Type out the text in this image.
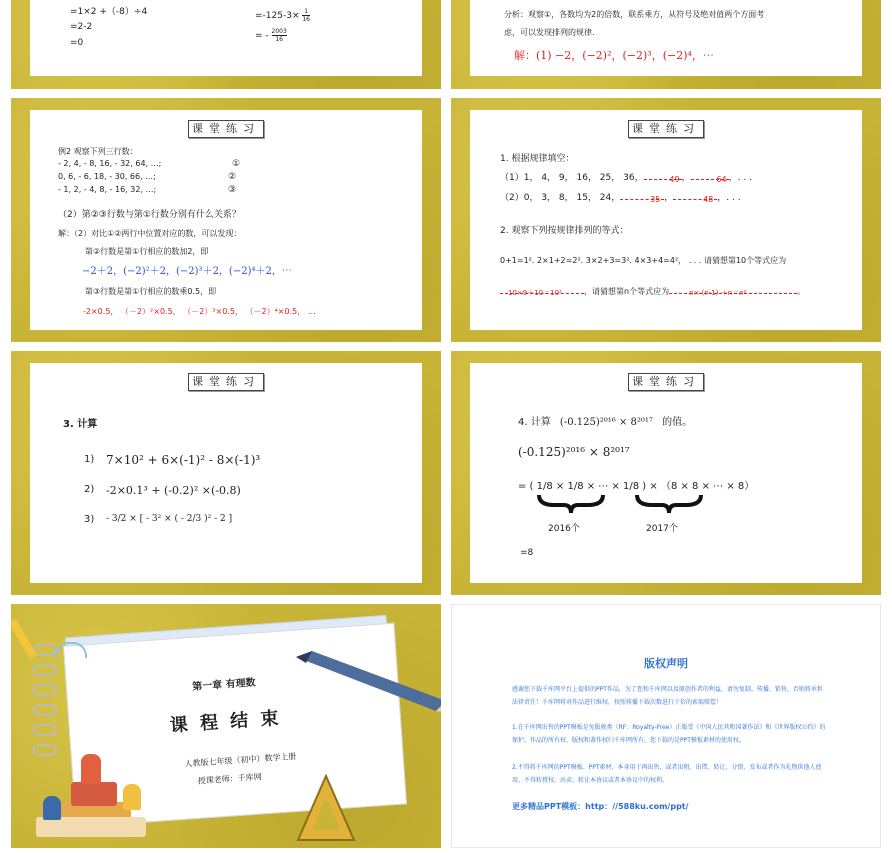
=1×2 +（-8）÷4
=2-2
=0
$=-125-3\times \frac{1}{16}$
= - $\frac{2003}{16}$
分析：观察①，各数均为2的倍数，联系乘方，从符号及绝对值两个方面考
虑，可以发现排列的规律.
解：(1) −2，(−2)²，(−2)³，(−2)⁴，⋯
课堂练习
例2 观察下列三行数：
- 2, 4, - 8, 16, - 32, 64, …;	①
0, 6, - 6, 18, - 30, 66, …;	②
- 1, 2, - 4, 8, - 16, 32, …;	③
（2）第②③行数与第①行数分别有什么关系？
解：（2）对比①②两行中位置对应的数，可以发现：
第②行数是第①行相应的数加2，即
−2＋2，(−2)²＋2，(−2)³＋2，(−2)⁴＋2，⋯
第③行数是第①行相应的数乘0.5，即
-2×0.5， （－2）²×0.5， （－2）³×0.5， （－2）⁴×0.5， …
课堂练习
1. 根据规律填空：
（1）1， 4， 9， 16， 25， 36，	49 ，	64 ，. . .
（2）0， 3， 8， 15， 24，	35 ，	48 ，. . .
2. 观察下列按规律排列的等式：
0+1=1². 2×1+2=2². 3×2+3=3². 4×3+4=4²， . . . 请猜想第10个等式应为
10×9＋10＝10²	，请猜想第n个等式应为	n× (n-1) ＋n＝n²	。
课堂练习
3. 计算
1) 7×10² + 6×(-1)² - 8×(-1)³
2) -2×0.1³ + (-0.2)² ×(-0.8)
3) - 3/2 × [ - 3² × ( - 2/3 )² - 2 ]
课堂练习
4. 计算 (-0.125)²⁰¹⁶ × 8²⁰¹⁷ 的值。
(-0.125)²⁰¹⁶ × 8²⁰¹⁷
= ( 1/8 × 1/8 × ⋯ × 1/8 ) × （8 × 8 × ⋯ × 8）
2016个	2017个
=8
第一章 有理数
课 程 结 束
人教版七年级（初中）数学上册
授课老师：千库网
版权声明
感谢您下载千库网平台上提供的PPT作品，为了您和千库网以及原创作者的利益，请勿复制、传播、销售，否则将承担法律责任！千库网将对作品进行维权，按照传播下载次数进行十倍的索取赔偿！
1.在千库网出售的PPT模板是免版税类（RF：Royalty-Free）正版受《中国人民共和国著作法》和《世界版权公约》的保护，作品的所有权、版权和著作权归千库网所有，您下载的是PPT模板素材的使用权。
2.不得将千库网的PPT模板、PPT素材，本身用于再出售，或者出租、出借、转让、分销、发布或者作为礼物供他人使用，不得转授权、出卖、转让本协议或者本协议中的权利。
更多精品PPT模板：http：//588ku.com/ppt/
